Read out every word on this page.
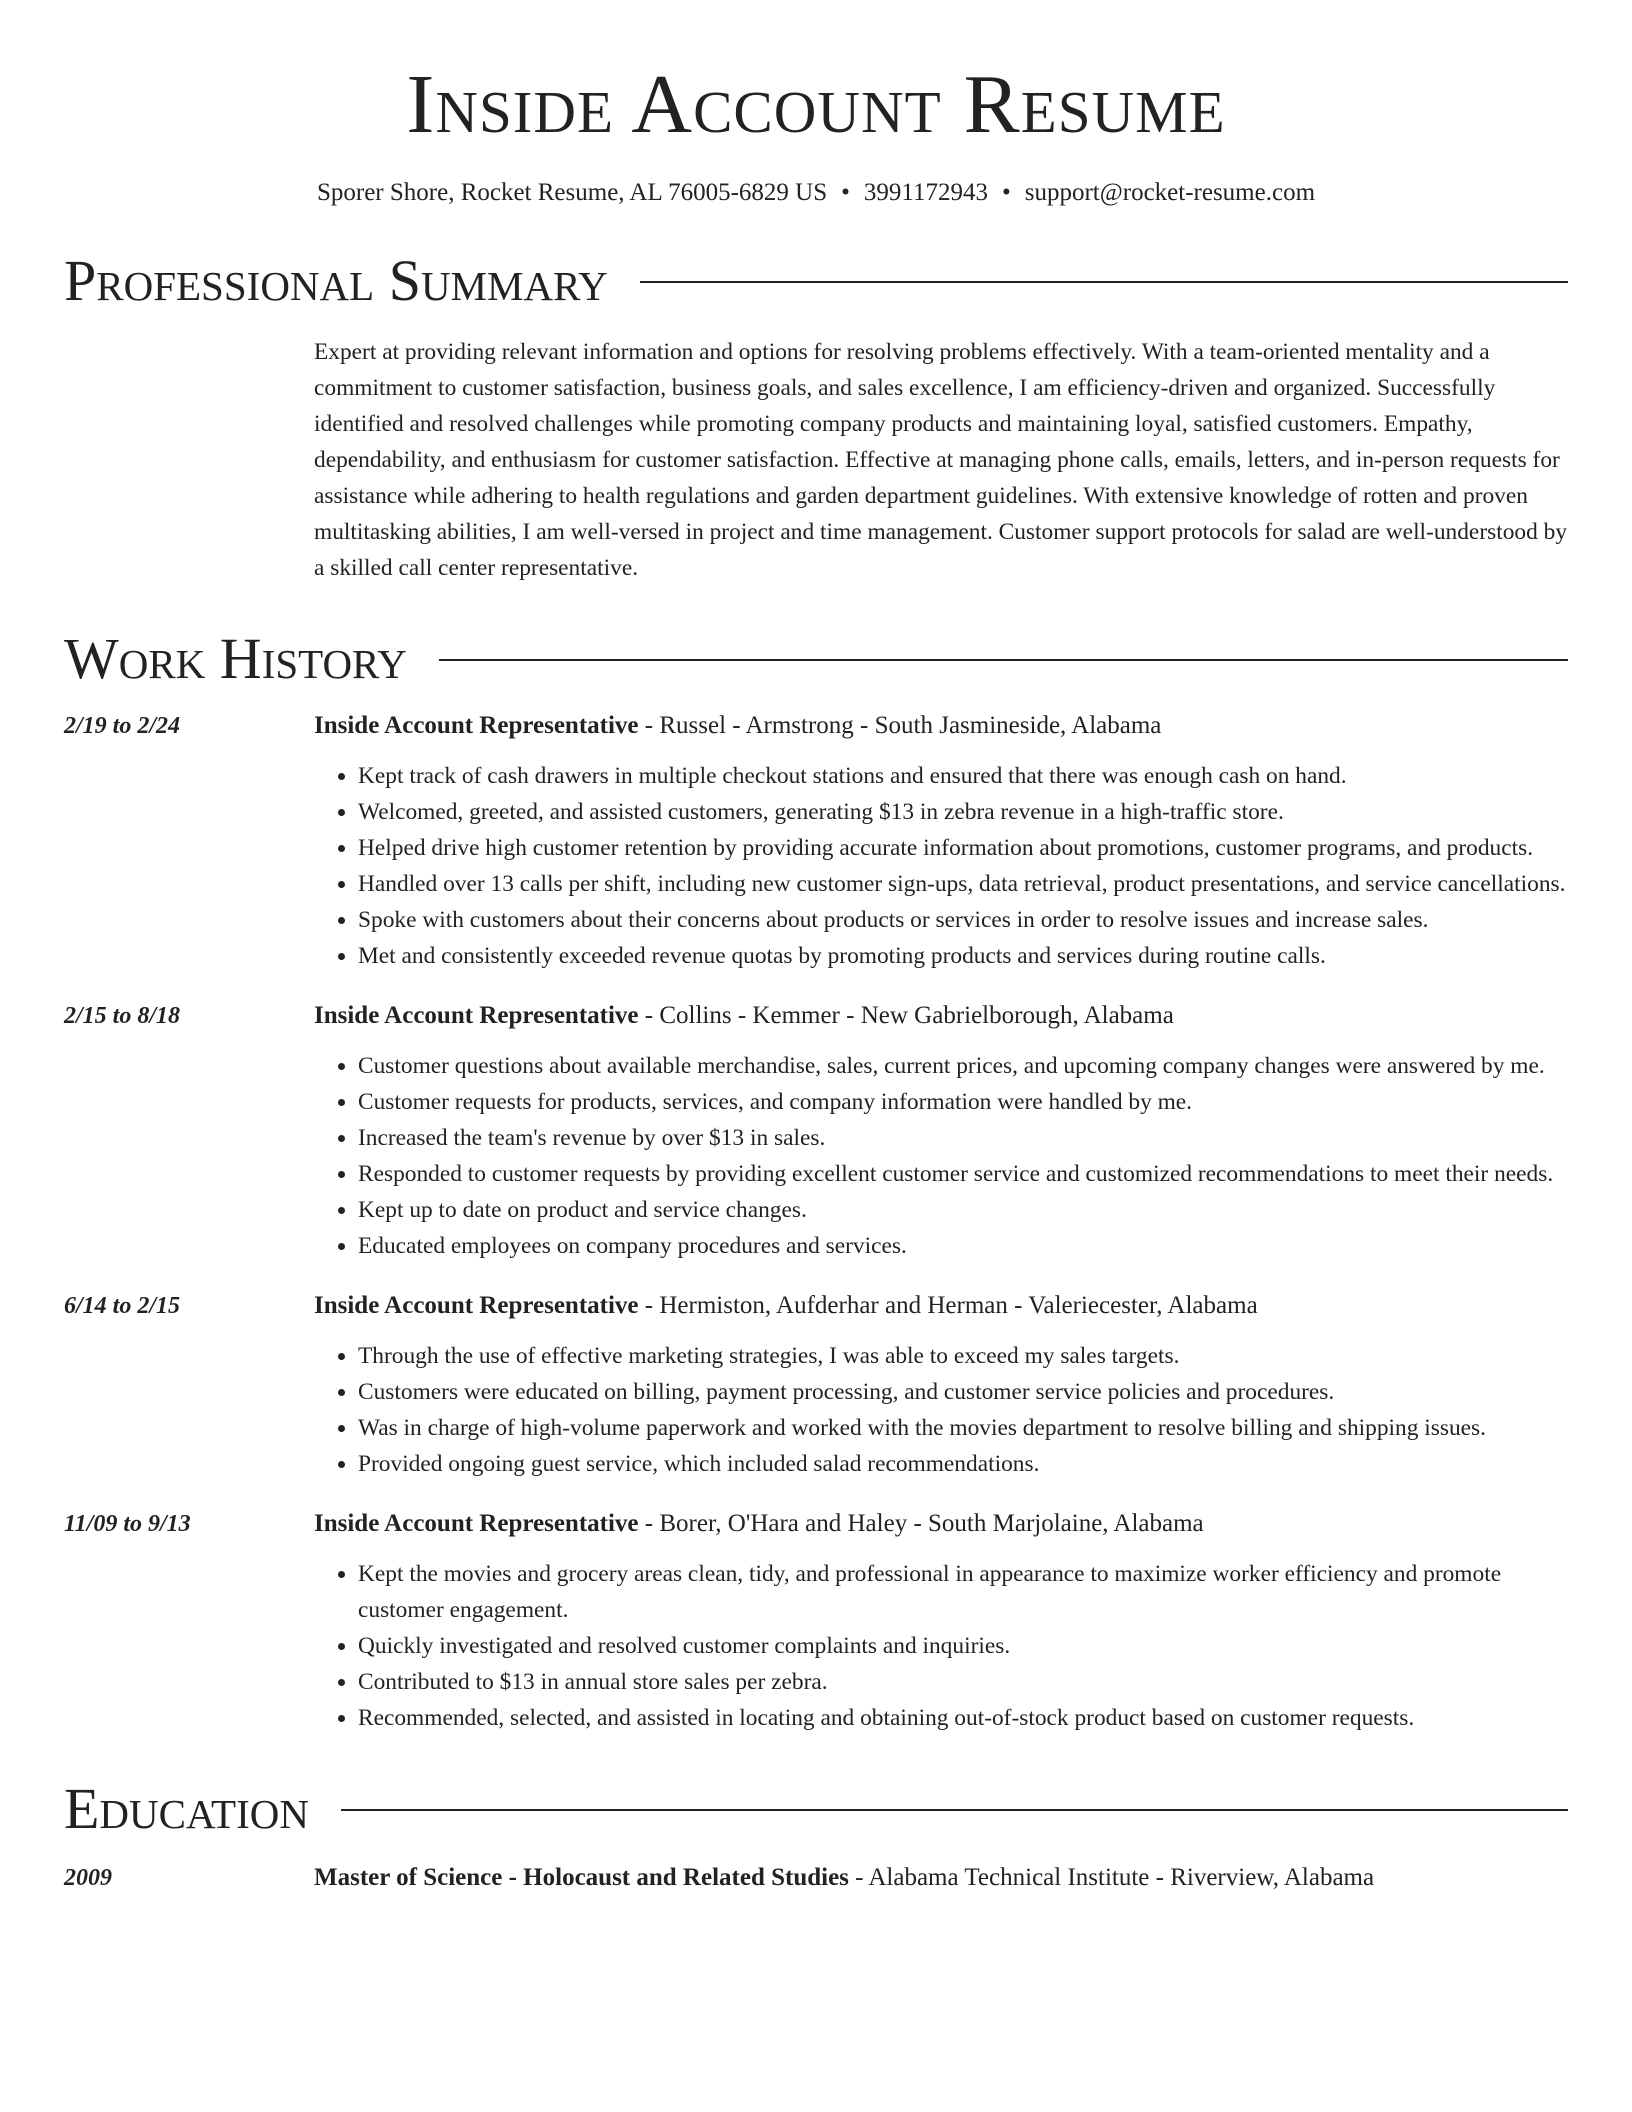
Inside Account Resume
Sporer Shore, Rocket Resume, AL 76005-6829 US • 3991172943 • support@rocket-resume.com
Professional Summary
Expert at providing relevant information and options for resolving problems effectively. With a team-oriented mentality and a commitment to customer satisfaction, business goals, and sales excellence, I am efficiency-driven and organized. Successfully identified and resolved challenges while promoting company products and maintaining loyal, satisfied customers. Empathy, dependability, and enthusiasm for customer satisfaction. Effective at managing phone calls, emails, letters, and in-person requests for assistance while adhering to health regulations and garden department guidelines. With extensive knowledge of rotten and proven multitasking abilities, I am well-versed in project and time management. Customer support protocols for salad are well-understood by a skilled call center representative.
Work History
2/19 to 2/24	Inside Account Representative - Russel - Armstrong - South Jasmineside, Alabama
• Kept track of cash drawers in multiple checkout stations and ensured that there was enough cash on hand.
• Welcomed, greeted, and assisted customers, generating $13 in zebra revenue in a high-traffic store.
• Helped drive high customer retention by providing accurate information about promotions, customer programs, and products.
• Handled over 13 calls per shift, including new customer sign-ups, data retrieval, product presentations, and service cancellations.
• Spoke with customers about their concerns about products or services in order to resolve issues and increase sales.
• Met and consistently exceeded revenue quotas by promoting products and services during routine calls.
2/15 to 8/18	Inside Account Representative - Collins - Kemmer - New Gabrielborough, Alabama
• Customer questions about available merchandise, sales, current prices, and upcoming company changes were answered by me.
• Customer requests for products, services, and company information were handled by me.
• Increased the team's revenue by over $13 in sales.
• Responded to customer requests by providing excellent customer service and customized recommendations to meet their needs.
• Kept up to date on product and service changes.
• Educated employees on company procedures and services.
6/14 to 2/15	Inside Account Representative - Hermiston, Aufderhar and Herman - Valeriecester, Alabama
• Through the use of effective marketing strategies, I was able to exceed my sales targets.
• Customers were educated on billing, payment processing, and customer service policies and procedures.
• Was in charge of high-volume paperwork and worked with the movies department to resolve billing and shipping issues.
• Provided ongoing guest service, which included salad recommendations.
11/09 to 9/13	Inside Account Representative - Borer, O'Hara and Haley - South Marjolaine, Alabama
• Kept the movies and grocery areas clean, tidy, and professional in appearance to maximize worker efficiency and promote customer engagement.
• Quickly investigated and resolved customer complaints and inquiries.
• Contributed to $13 in annual store sales per zebra.
• Recommended, selected, and assisted in locating and obtaining out-of-stock product based on customer requests.
Education
2009	Master of Science - Holocaust and Related Studies - Alabama Technical Institute - Riverview, Alabama
